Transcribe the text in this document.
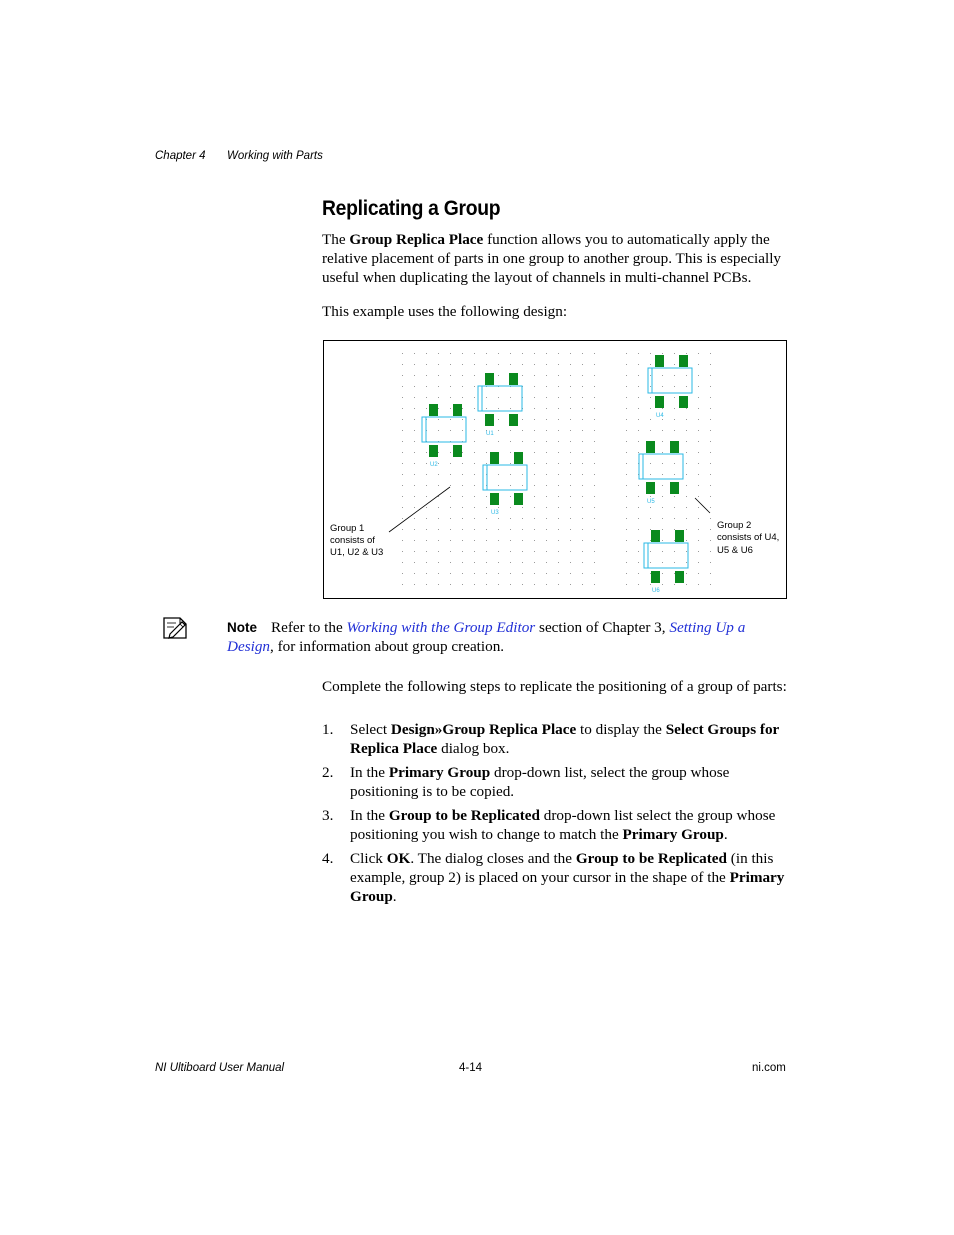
Chapter 4 Working with Parts
Replicating a Group

The Group Replica Place function allows you to automatically apply the relative placement of parts in one group to another group. This is especially useful when duplicating the layout of channels in multi-channel PCBs.

This example uses the following design:

U2
U1
U3
U4
U5
U6
Group 1
consists of
U1, U2 & U3
Group 2
consists of U4,
U5 & U6

Note Refer to the Working with the Group Editor section of Chapter 3, Setting Up a Design, for information about group creation.

Complete the following steps to replicate the positioning of a group of parts:

1. Select Design»Group Replica Place to display the Select Groups for Replica Place dialog box.
2. In the Primary Group drop-down list, select the group whose positioning is to be copied.
3. In the Group to be Replicated drop-down list select the group whose positioning you wish to change to match the Primary Group.
4. Click OK. The dialog closes and the Group to be Replicated (in this example, group 2) is placed on your cursor in the shape of the Primary Group.
NI Ultiboard User Manual	4-14	ni.com
